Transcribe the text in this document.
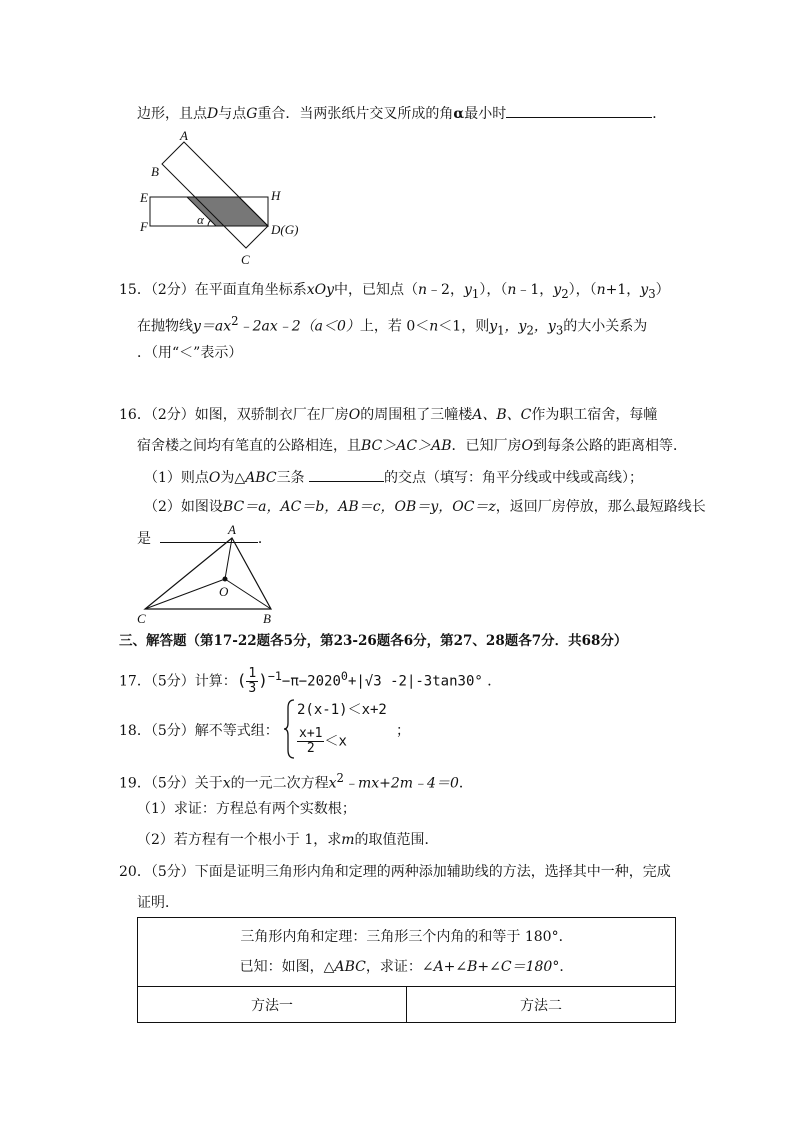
边形，且点D与点G重合．当两张纸片交叉所成的角α最小时	．
A
B
E	H
F	α
D(G)
C
15．（2分）在平面直角坐标系xOy中，已知点（n﹣2，$y_1$），（n﹣1，$y_2$），（n+1，$y_3$）
在抛物线$y=ax^2﹣2ax﹣2(a<0)$上，若 0＜n＜1，则$y_1$，$y_2$，$y_3$的大小关系为
．（用“＜”表示）
16．（2分）如图，双骄制衣厂在厂房O的周围租了三幢楼A、B、C作为职工宿舍，每幢
宿舍楼之间均有笔直的公路相连，且BC＞AC＞AB．已知厂房O到每条公路的距离相等．
（1）则点O为△ABC三条	的交点（填写：角平分线或中线或高线）；
（2）如图设BC＝a，AC＝b，AB＝c，OB＝y，OC＝z，返回厂房停放，那么最短路线长
是	．
A
O
C	B
三、解答题（第17-22题各5分，第23-26题各6分，第27、28题各7分．共68分）
17．（5分）计算：( $\frac{1}{3} )^{-1}-\pi-2020^0+|√3$ -2|-3tan30° ．
18．（5分）解不等式组：
2(x-1)＜x+2
$\frac{x+1}{2} <x$
；
19．（5分）关于x的一元二次方程$x^2﹣mx+2m﹣4=0$．
（1）求证：方程总有两个实数根；
（2）若方程有一个根小于 1，求m的取值范围．
20．（5分）下面是证明三角形内角和定理的两种添加辅助线的方法，选择其中一种，完成
证明．
三角形内角和定理：三角形三个内角的和等于 180°．
已知：如图，△ABC，求证：∠A+∠B+∠C＝180°．

方法一	方法二
